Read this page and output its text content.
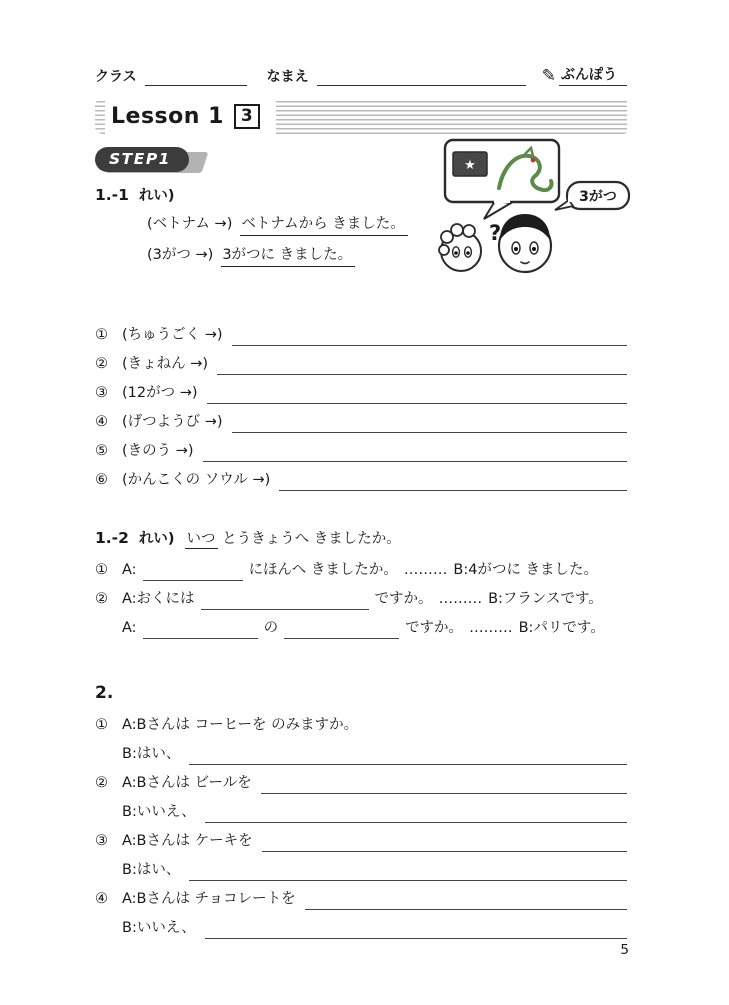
クラス	なまえ	✎ ぶんぽう
Lesson 1	3
STEP1
1.-1 れい)
(ベトナム →) ベトナムから きました。
(3がつ →) 3がつに きました。
① (ちゅうごく →)
② (きょねん →)
③ (12がつ →)
④ (げつようび →)
⑤ (きのう →)
⑥ (かんこくの ソウル →)
1.-2 れい) いつ とうきょうへ きましたか。
① A:	にほんへ きましたか。 ……… B:4がつに きました。
② A:おくには	ですか。 ……… B:フランスです。
A:	の	ですか。 ……… B:パリです。
2.
① A:Bさんは コーヒーを のみますか。
B:はい、
② A:Bさんは ビールを
B:いいえ、
③ A:Bさんは ケーキを
B:はい、
④ A:Bさんは チョコレートを
B:いいえ、
★
?
3がつ
5
